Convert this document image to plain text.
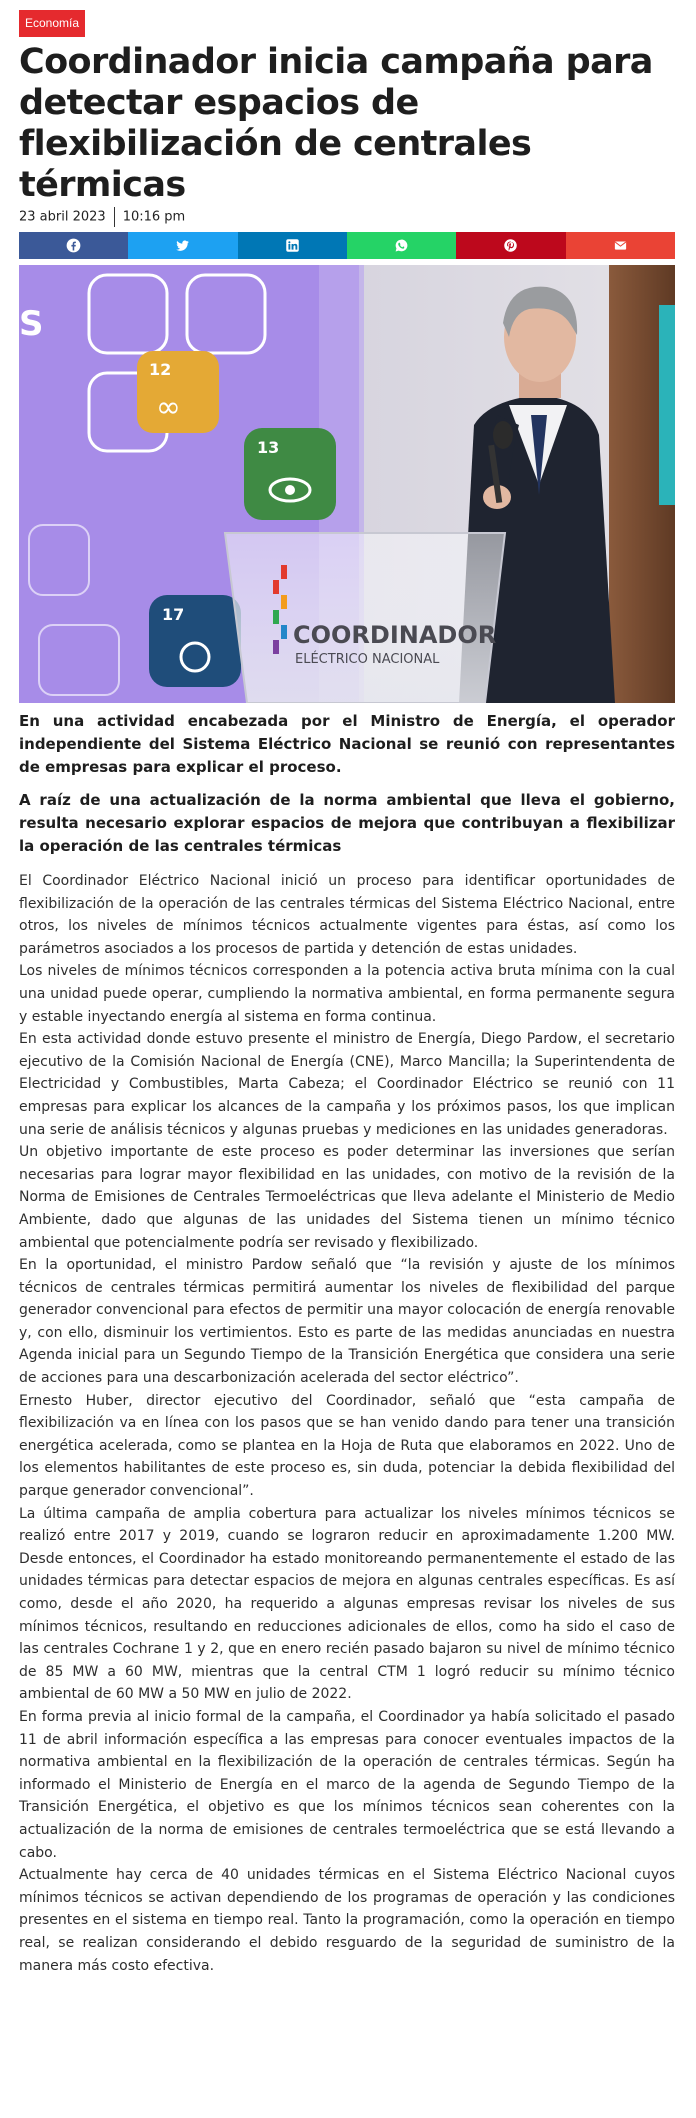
Economía
Coordinador inicia campaña para detectar espacios de flexibilización de centrales térmicas
23 abril 2023 10:16 pm
S
12
∞
13
17
COORDINADOR
ELÉCTRICO NACIONAL

En una actividad encabezada por el Ministro de Energía, el operador independiente del Sistema Eléctrico Nacional se reunió con representantes de empresas para explicar el proceso.

A raíz de una actualización de la norma ambiental que lleva el gobierno, resulta necesario explorar espacios de mejora que contribuyan a flexibilizar la operación de las centrales térmicas

El Coordinador Eléctrico Nacional inició un proceso para identificar oportunidades de flexibilización de la operación de las centrales térmicas del Sistema Eléctrico Nacional, entre otros, los niveles de mínimos técnicos actualmente vigentes para éstas, así como los parámetros asociados a los procesos de partida y detención de estas unidades.

Los niveles de mínimos técnicos corresponden a la potencia activa bruta mínima con la cual una unidad puede operar, cumpliendo la normativa ambiental, en forma permanente segura y estable inyectando energía al sistema en forma continua.

En esta actividad donde estuvo presente el ministro de Energía, Diego Pardow, el secretario ejecutivo de la Comisión Nacional de Energía (CNE), Marco Mancilla; la Superintendenta de Electricidad y Combustibles, Marta Cabeza; el Coordinador Eléctrico se reunió con 11 empresas para explicar los alcances de la campaña y los próximos pasos, los que implican una serie de análisis técnicos y algunas pruebas y mediciones en las unidades generadoras.

Un objetivo importante de este proceso es poder determinar las inversiones que serían necesarias para lograr mayor flexibilidad en las unidades, con motivo de la revisión de la Norma de Emisiones de Centrales Termoeléctricas que lleva adelante el Ministerio de Medio Ambiente, dado que algunas de las unidades del Sistema tienen un mínimo técnico ambiental que potencialmente podría ser revisado y flexibilizado.

En la oportunidad, el ministro Pardow señaló que “la revisión y ajuste de los mínimos técnicos de centrales térmicas permitirá aumentar los niveles de flexibilidad del parque generador convencional para efectos de permitir una mayor colocación de energía renovable y, con ello, disminuir los vertimientos. Esto es parte de las medidas anunciadas en nuestra Agenda inicial para un Segundo Tiempo de la Transición Energética que considera una serie de acciones para una descarbonización acelerada del sector eléctrico”.

Ernesto Huber, director ejecutivo del Coordinador, señaló que “esta campaña de flexibilización va en línea con los pasos que se han venido dando para tener una transición energética acelerada, como se plantea en la Hoja de Ruta que elaboramos en 2022. Uno de los elementos habilitantes de este proceso es, sin duda, potenciar la debida flexibilidad del parque generador convencional”.

La última campaña de amplia cobertura para actualizar los niveles mínimos técnicos se realizó entre 2017 y 2019, cuando se lograron reducir en aproximadamente 1.200 MW. Desde entonces, el Coordinador ha estado monitoreando permanentemente el estado de las unidades térmicas para detectar espacios de mejora en algunas centrales específicas. Es así como, desde el año 2020, ha requerido a algunas empresas revisar los niveles de sus mínimos técnicos, resultando en reducciones adicionales de ellos, como ha sido el caso de las centrales Cochrane 1 y 2, que en enero recién pasado bajaron su nivel de mínimo técnico de 85 MW a 60 MW, mientras que la central CTM 1 logró reducir su mínimo técnico ambiental de 60 MW a 50 MW en julio de 2022.

En forma previa al inicio formal de la campaña, el Coordinador ya había solicitado el pasado 11 de abril información específica a las empresas para conocer eventuales impactos de la normativa ambiental en la flexibilización de la operación de centrales térmicas. Según ha informado el Ministerio de Energía en el marco de la agenda de Segundo Tiempo de la Transición Energética, el objetivo es que los mínimos técnicos sean coherentes con la actualización de la norma de emisiones de centrales termoeléctrica que se está llevando a cabo.

Actualmente hay cerca de 40 unidades térmicas en el Sistema Eléctrico Nacional cuyos mínimos técnicos se activan dependiendo de los programas de operación y las condiciones presentes en el sistema en tiempo real. Tanto la programación, como la operación en tiempo real, se realizan considerando el debido resguardo de la seguridad de suministro de la manera más costo efectiva.
